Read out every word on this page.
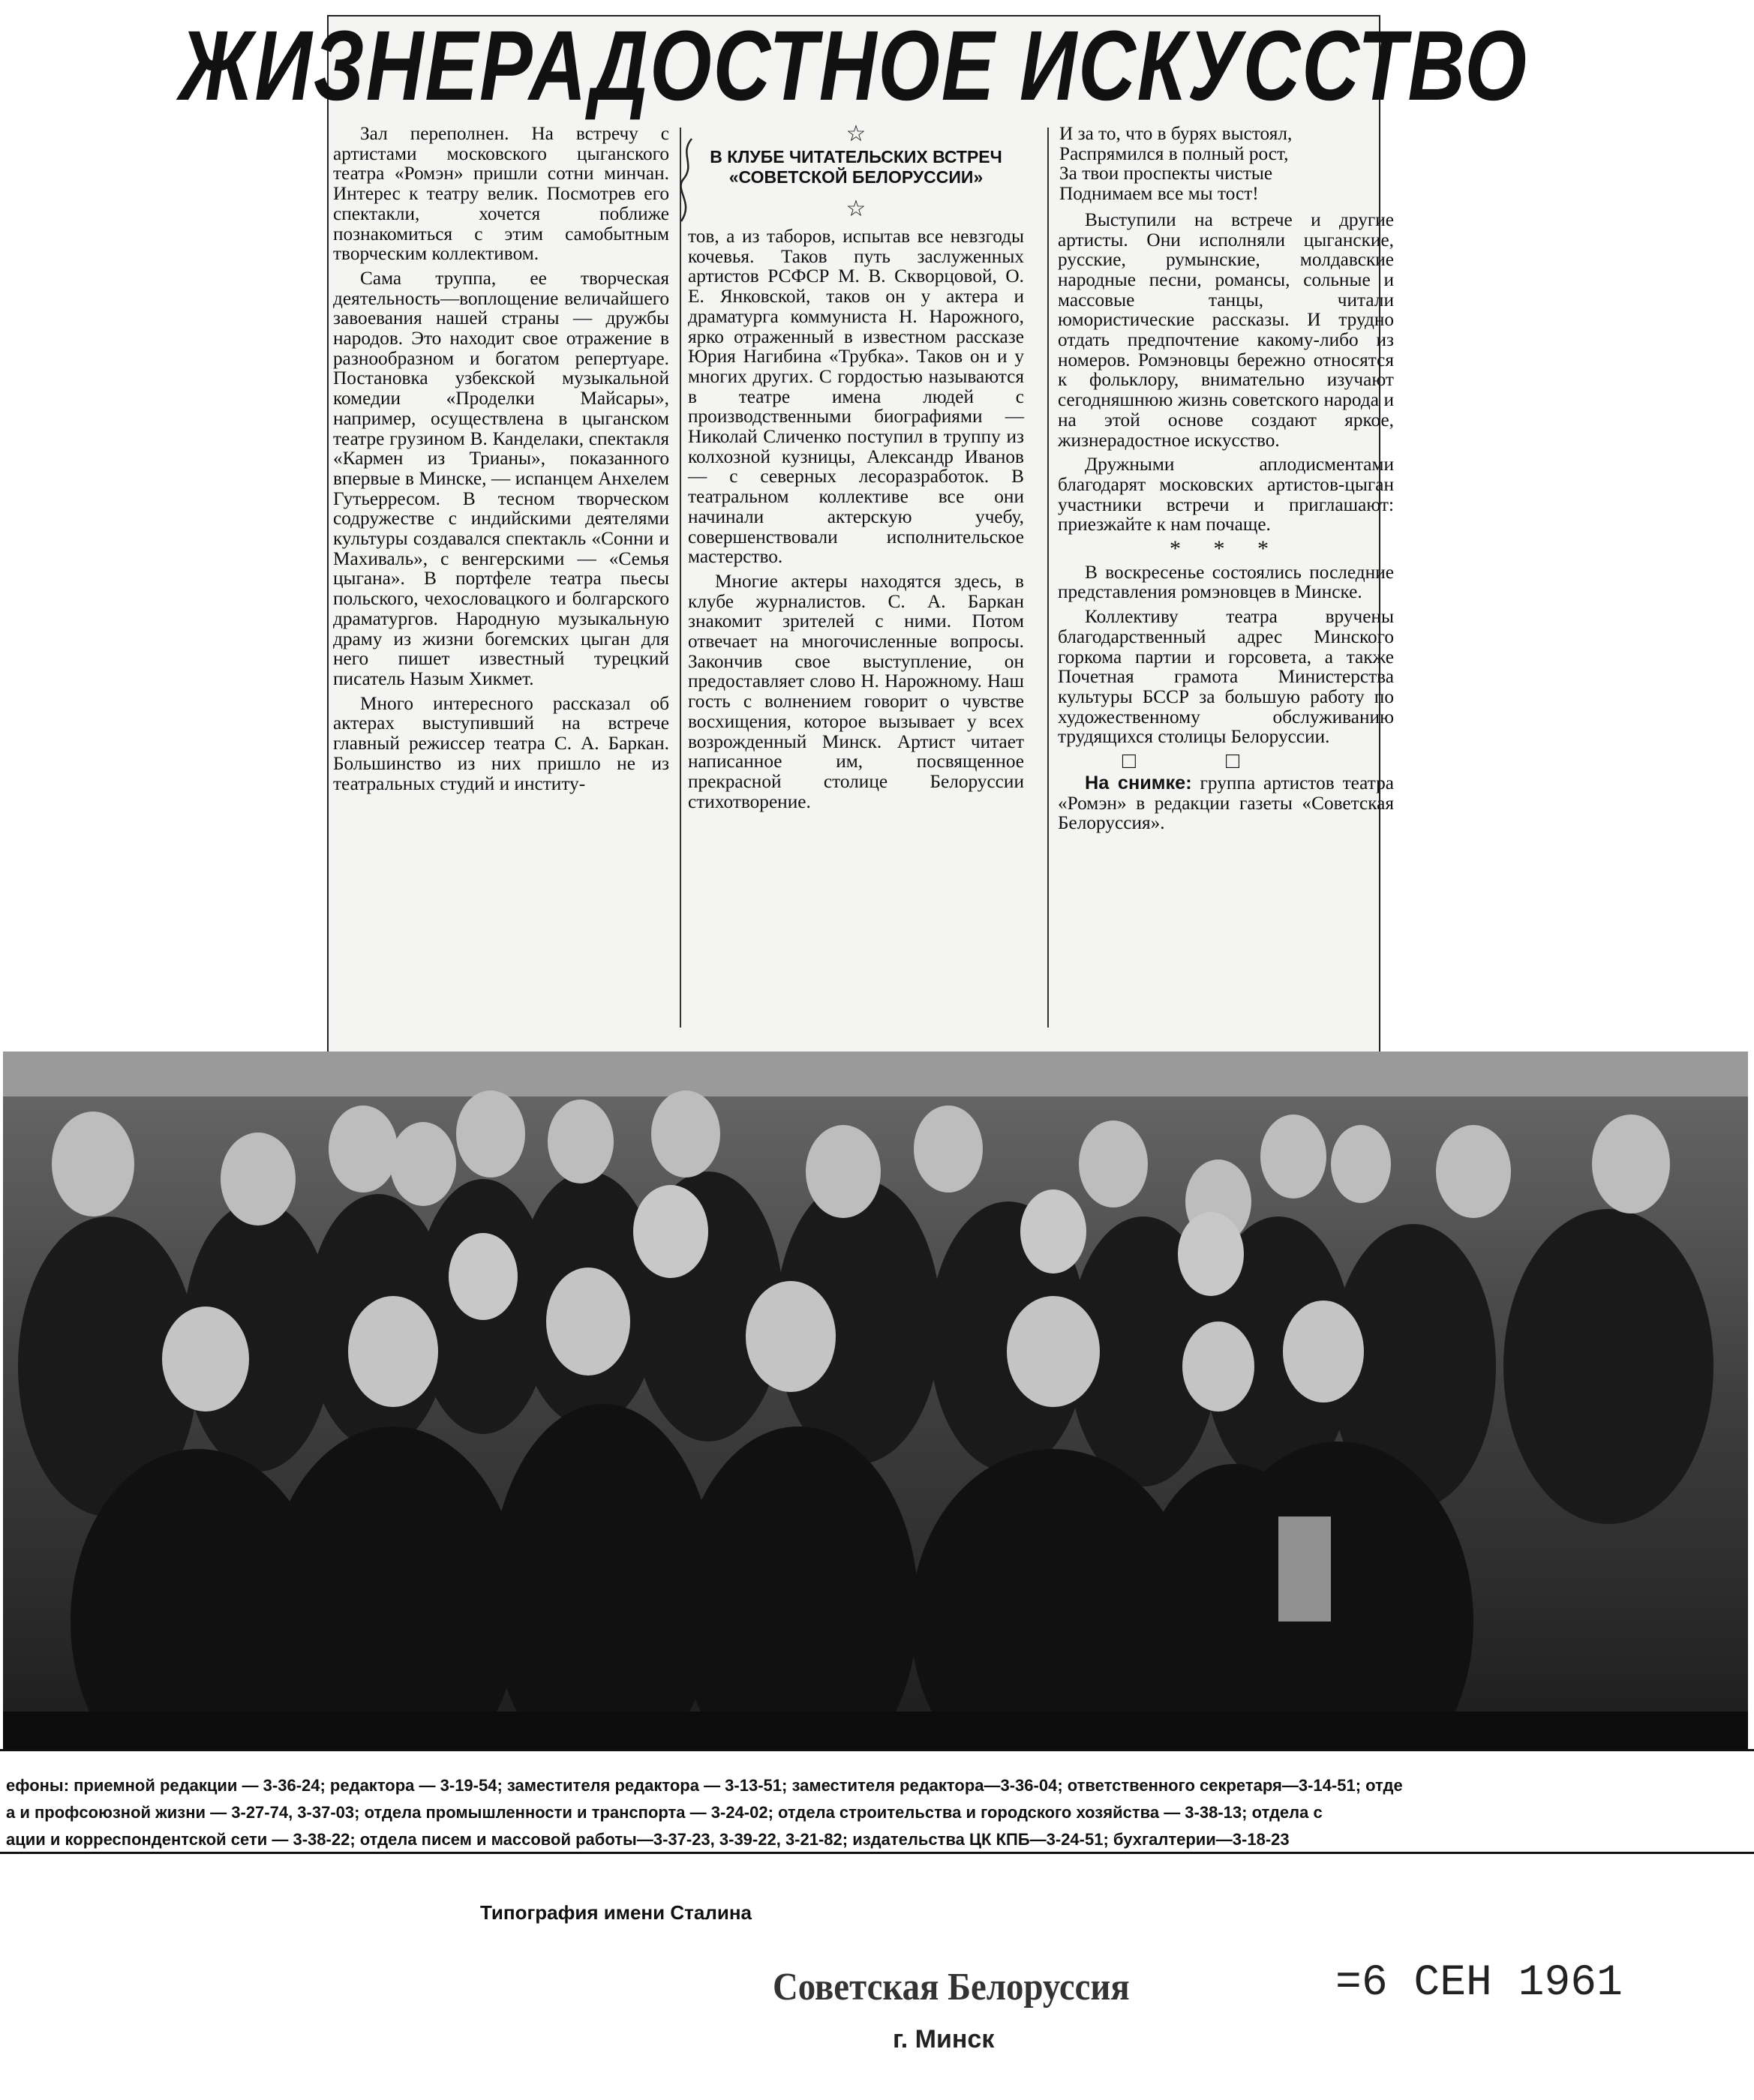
ЖИЗНЕРАДОСТНОЕ ИСКУССТВО

Зал переполнен. На встречу с артистами московского цыганского театра «Ромэн» пришли сотни минчан. Интерес к театру велик. Посмотрев его спектакли, хочется поближе познакомиться с этим самобытным творческим коллективом.

Сама труппа, ее творческая деятельность—воплощение величайшего завоевания нашей страны — дружбы народов. Это находит свое отражение в разнообразном и богатом репертуаре. Постановка узбекской музыкальной комедии «Проделки Майсары», например, осуществлена в цыганском театре грузином В. Канделаки, спектакля «Кармен из Трианы», показанного впервые в Минске, — испанцем Анхелем Гутьерресом. В тесном творческом содружестве с индийскими деятелями культуры создавался спектакль «Сонни и Махиваль», с венгерскими — «Семья цыгана». В портфеле театра пьесы польского, чехословацкого и болгарского драматургов. Народную музыкальную драму из жизни богемских цыган для него пишет известный турецкий писатель Назым Хикмет.

Много интересного рассказал об актерах выступивший на встрече главный режиссер театра С. А. Баркан. Большинство из них пришло не из театральных студий и институ-

☆
В КЛУБЕ ЧИТАТЕЛЬСКИХ ВСТРЕЧ «СОВЕТСКОЙ БЕЛОРУССИИ»
☆

тов, а из таборов, испытав все невзгоды кочевья. Таков путь заслуженных артистов РСФСР М. В. Скворцовой, О. Е. Янковской, таков он у актера и драматурга коммуниста Н. Нарожного, ярко отраженный в известном рассказе Юрия Нагибина «Трубка». Таков он и у многих других. С гордостью называются в театре имена людей с производственными биографиями — Николай Сличенко поступил в труппу из колхозной кузницы, Александр Иванов — с северных лесоразработок. В театральном коллективе все они начинали актерскую учебу, совершенствовали исполнительское мастерство.

Многие актеры находятся здесь, в клубе журналистов. С. А. Баркан знакомит зрителей с ними. Потом отвечает на многочисленные вопросы. Закончив свое выступление, он предоставляет слово Н. Нарожному. Наш гость с волнением говорит о чувстве восхищения, которое вызывает у всех возрожденный Минск. Артист читает написанное им, посвященное прекрасной столице Белоруссии стихотворение.

И за то, что в бурях выстоял,

Распрямился в полный рост,

За твои проспекты чистые

Поднимаем все мы тост!

Выступили на встрече и другие артисты. Они исполняли цыганские, русские, румынские, молдавские народные песни, романсы, сольные и массовые танцы, читали юмористические рассказы. И трудно отдать предпочтение какому-либо из номеров. Ромэновцы бережно относятся к фольклору, внимательно изучают сегодняшнюю жизнь советского народа и на этой основе создают яркое, жизнерадостное искусство.

Дружными аплодисментами благодарят московских артистов-цыган участники встречи и приглашают: приезжайте к нам почаще.

* * *

В воскресенье состоялись последние представления ромэновцев в Минске.

Коллективу театра вручены благодарственный адрес Минского горкома партии и горсовета, а также Почетная грамота Министерства культуры БССР за большую работу по художественному обслуживанию трудящихся столицы Белоруссии.

□□

На снимке: группа артистов театра «Ромэн» в редакции газеты «Советская Белоруссия».

ефоны: приемной редакции — 3-36-24; редактора — 3-19-54; заместителя редактора — 3-13-51; заместителя редактора—3-36-04; ответственного секретаря—3-14-51; отде
а и профсоюзной жизни — 3-27-74, 3-37-03; отдела промышленности и транспорта — 3-24-02; отдела строительства и городского хозяйства — 3-38-13; отдела с
ации и корреспондентской сети — 3-38-22; отдела писем и массовой работы—3-37-23, 3-39-22, 3-21-82; издательства ЦК КПБ—3-24-51; бухгалтерии—3-18-23
Типография имени Сталина
Советская Белоруссия
г. Минск
=6 СЕН 1961
